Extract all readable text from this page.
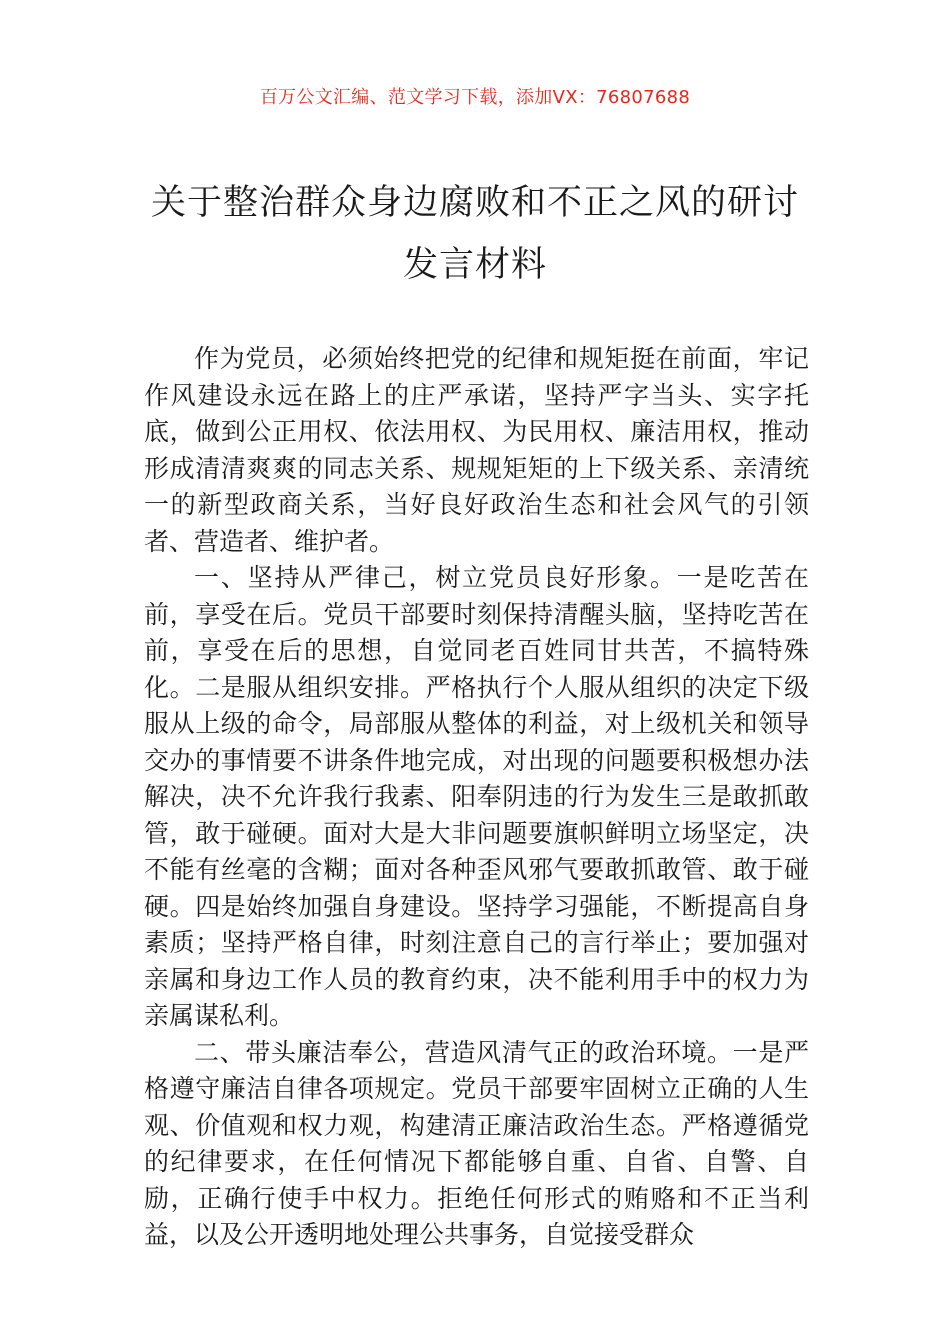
百万公文汇编、范文学习下载，添加VX：76807688
关于整治群众身边腐败和不正之风的研讨
发言材料

作为党员，必须始终把党的纪律和规矩挺在前面，牢记作风建设永远在路上的庄严承诺，坚持严字当头、实字托底，做到公正用权、依法用权、为民用权、廉洁用权，推动形成清清爽爽的同志关系、规规矩矩的上下级关系、亲清统一的新型政商关系，当好良好政治生态和社会风气的引领者、营造者、维护者。

一、坚持从严律己，树立党员良好形象。一是吃苦在前，享受在后。党员干部要时刻保持清醒头脑，坚持吃苦在前，享受在后的思想，自觉同老百姓同甘共苦，不搞特殊化。二是服从组织安排。严格执行个人服从组织的决定下级服从上级的命令，局部服从整体的利益，对上级机关和领导交办的事情要不讲条件地完成，对出现的问题要积极想办法解决，决不允许我行我素、阳奉阴违的行为发生三是敢抓敢管，敢于碰硬。面对大是大非问题要旗帜鲜明立场坚定，决不能有丝毫的含糊；面对各种歪风邪气要敢抓敢管、敢于碰硬。四是始终加强自身建设。坚持学习强能，不断提高自身素质；坚持严格自律，时刻注意自己的言行举止；要加强对亲属和身边工作人员的教育约束，决不能利用手中的权力为亲属谋私利。

二、带头廉洁奉公，营造风清气正的政治环境。一是严格遵守廉洁自律各项规定。党员干部要牢固树立正确的人生观、价值观和权力观，构建清正廉洁政治生态。严格遵循党的纪律要求，在任何情况下都能够自重、自省、自警、自励，正确行使手中权力。拒绝任何形式的贿赂和不正当利益，以及公开透明地处理公共事务，自觉接受群众
